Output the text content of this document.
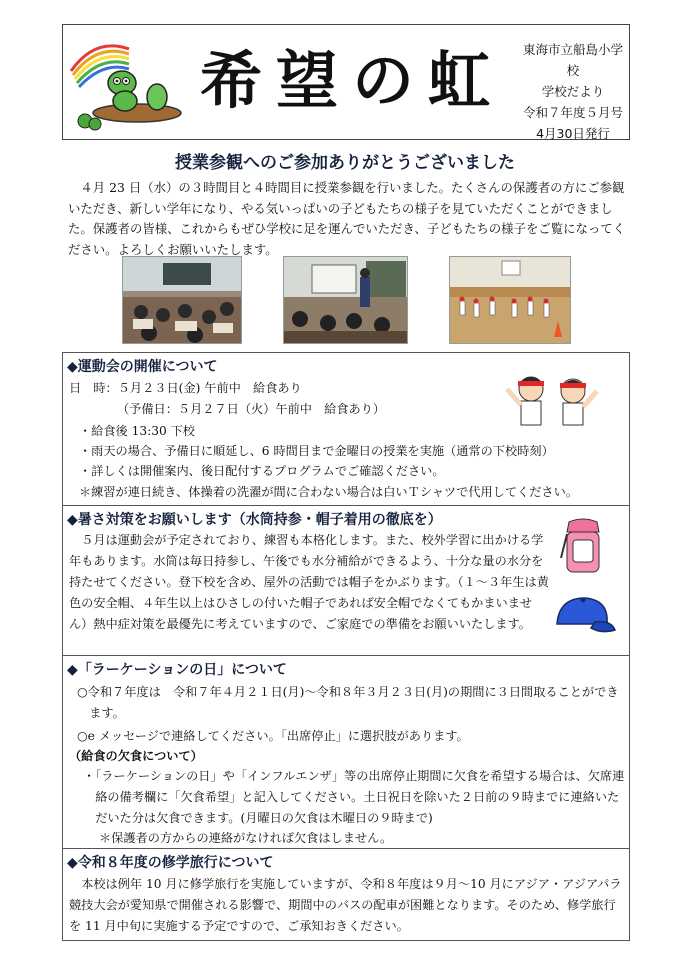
希望の虹	東海市立船島小学校
学校だより
令和７年度５月号
4月30日発行
授業参観へのご参加ありがとうございました
４月 23 日（水）の３時間目と４時間目に授業参観を行いました。たくさんの保護者の方にご参観いただき、新しい学年になり、やる気いっぱいの子どもたちの様子を見ていただくことができました。保護者の皆様、これからもぜひ学校に足を運んでいただき、子どもたちの様子をご覧になってください。よろしくお願いいたします。
◆運動会の開催について
日　時：５月２３日(金) 午前中　給食あり
（予備日：５月２７日（火）午前中　給食あり）
・給食後 13:30 下校
・雨天の場合、予備日に順延し、6 時間目まで金曜日の授業を実施（通常の下校時刻）
・詳しくは開催案内、後日配付するプログラムでご確認ください。
＊練習が連日続き、体操着の洗濯が間に合わない場合は白いＴシャツで代用してください。
◆暑さ対策をお願いします（水筒持参・帽子着用の徹底を）
５月は運動会が予定されており、練習も本格化します。また、校外学習に出かける学年もあります。水筒は毎日持参し、午後でも水分補給ができるよう、十分な量の水分を持たせてください。登下校を含め、屋外の活動では帽子をかぶります。（１～３年生は黄色の安全帽、４年生以上はひさしの付いた帽子であれば安全帽でなくてもかまいません）熱中症対策を最優先に考えていますので、ご家庭での準備をお願いいたします。
◆「ラーケーションの日」について
○令和７年度は　令和７年４月２１日(月)～令和８年３月２３日(月)の期間に３日間取ることができます。
○e メッセージで連絡してください。「出席停止」に選択肢があります。
（給食の欠食について）
・「ラーケーションの日」や「インフルエンザ」等の出席停止期間に欠食を希望する場合は、欠席連絡の備考欄に「欠食希望」と記入してください。土日祝日を除いた２日前の９時までに連絡いただいた分は欠食できます。(月曜日の欠食は木曜日の９時まで)
＊保護者の方からの連絡がなければ欠食はしません。
◆令和８年度の修学旅行について
本校は例年 10 月に修学旅行を実施していますが、令和８年度は９月～10 月にアジア・アジアパラ競技大会が愛知県で開催される影響で、期間中のバスの配車が困難となります。そのため、修学旅行を 11 月中旬に実施する予定ですので、ご承知おきください。
